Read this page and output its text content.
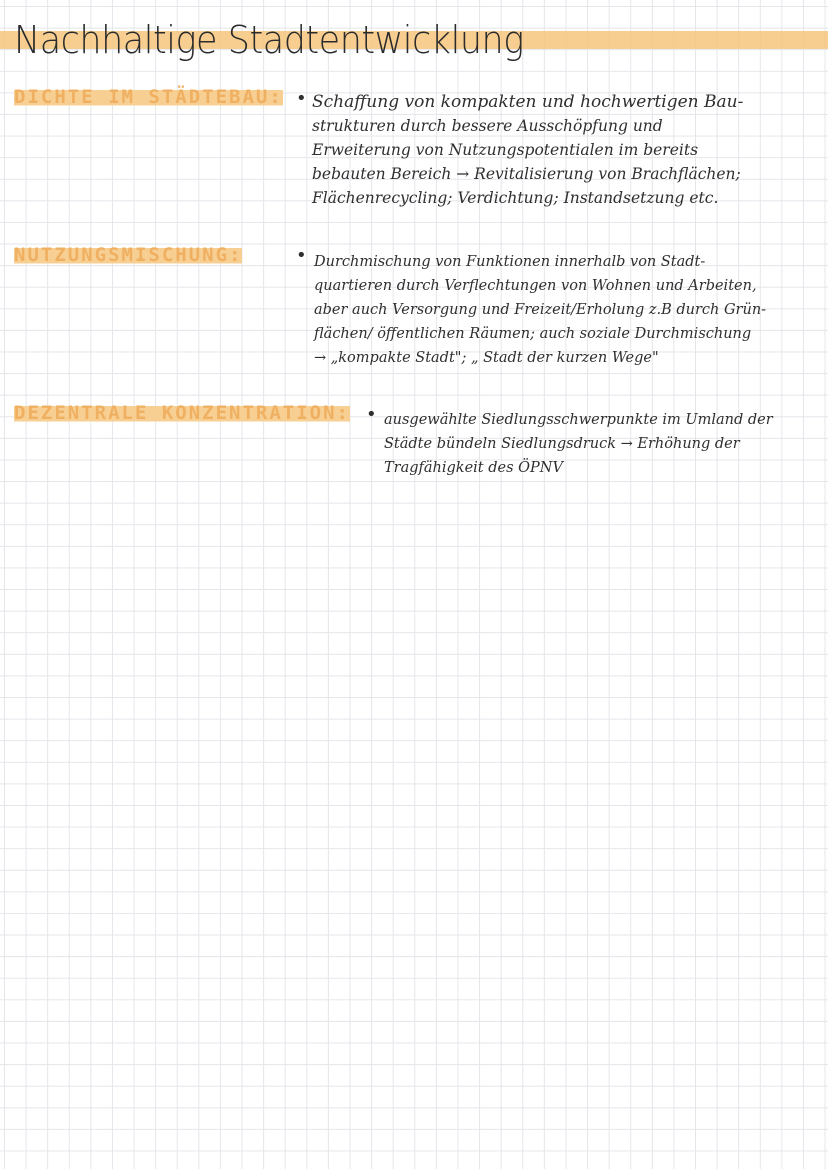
Nachhaltige Stadtentwicklung
DICHTE IM STÄDTEBAU: • Schaffung von kompakten und hochwertigen Bau-
strukturen durch bessere Ausschöpfung und
Erweiterung von Nutzungspotentialen im bereits
bebauten Bereich → Revitalisierung von Brachflächen;
Flächenrecycling; Verdichtung; Instandsetzung etc.
NUTZUNGSMISCHUNG:	• Durchmischung von Funktionen innerhalb von Stadt-
quartieren durch Verflechtungen von Wohnen und Arbeiten,
aber auch Versorgung und Freizeit/Erholung z.B durch Grün-
flächen/ öffentlichen Räumen; auch soziale Durchmischung
→ „kompakte Stadt"; „ Stadt der kurzen Wege"
DEZENTRALE KONZENTRATION: • ausgewählte Siedlungsschwerpunkte im Umland der
Städte bündeln Siedlungsdruck → Erhöhung der
Tragfähigkeit des ÖPNV
